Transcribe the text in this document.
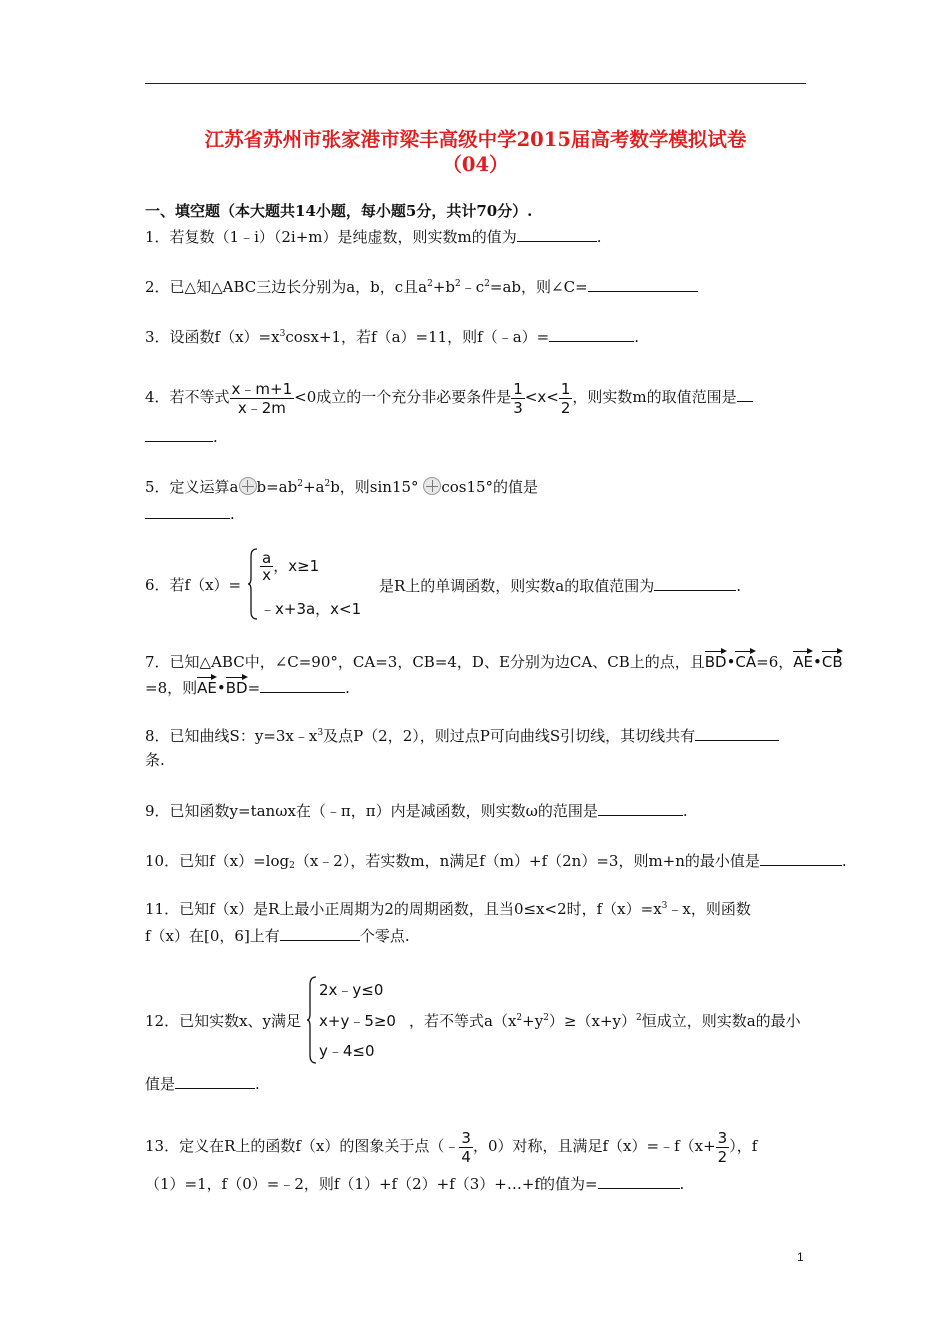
江苏省苏州市张家港市梁丰高级中学2015届高考数学模拟试卷
（04）
一、填空题（本大题共14小题，每小题5分，共计70分）.
1．若复数（1﹣i）（2i+m）是纯虚数，则实数m的值为	.
2．已△知△ABC三边长分别为a，b，c且$a^2+b^2﹣c^2=ab$，则∠C=
3．设函数$f(x)=x^3\cos x+1$，若f（a）=11，则f（﹣a）=	.
4．若不等式 $\frac{x﹣m+1}{x﹣2m} <0$成立的一个充分非必要条件是 $\frac{1}{3} <x< \frac{1}{2}$ ，则实数m的取值范围是
.
5．定义运算a $b=ab^2+a^2b$，则sin15° cos15°的值是
.
6．若f（x）=
$\frac{a}{x}$ ，x≥1
﹣x+3a，x<1
是R上的单调函数，则实数a的取值范围为	.
7．已知△ABC中，∠C=90°，CA=3，CB=4，D、E分别为边CA、CB上的点，且BD•CA=6，AE•CB
=8，则AE•BD=	.
8．已知曲线S：$y=3x﹣x^3$及点P（2，2），则过点P可向曲线S引切线，其切线共有
条.
9．已知函数y=tanωx在（﹣π，π）内是减函数，则实数ω的范围是	.
10．已知$f(x)=\log_2(x﹣2)$，若实数m，n满足f（m）+f（2n）=3，则m+n的最小值是	.
11．已知f（x）是R上最小正周期为2的周期函数，且当0≤x<2时，$f(x)=x^3﹣x$，则函数
f（x）在[0，6]上有	个零点.
12．已知实数x、y满足
2x﹣y≤0
x+y﹣5≥0
y﹣4≤0
，若不等式$a(x^2+y^2)\ge(x+y)^2$恒成立，则实数a的最小
值是	.
13．定义在R上的函数f（x）的图象关于点（﹣ $\frac{3}{4}$ ，0）对称，且满足f（x）=﹣f（x+ $\frac{3}{2}$ ），f
（1）=1，f（0）=﹣2，则f（1）+f（2）+f（3）+…+f的值为=	.
1
